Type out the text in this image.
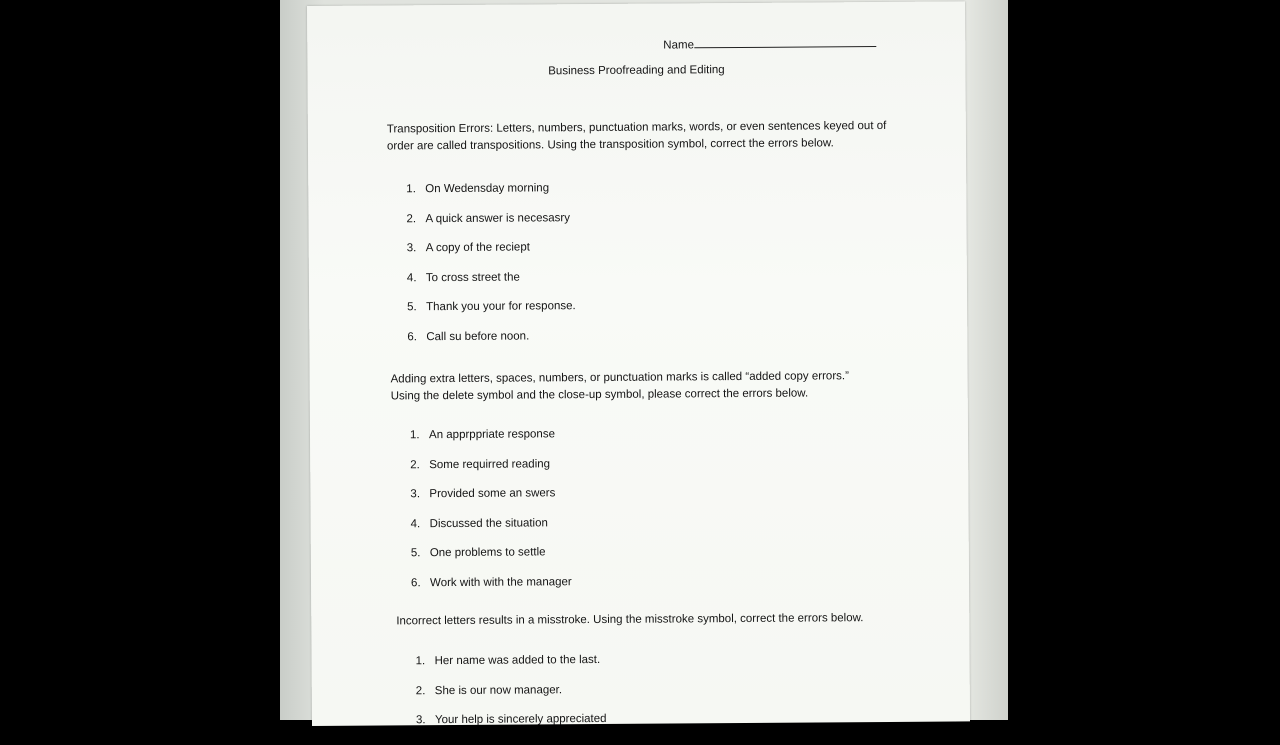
Name
Business Proofreading and Editing
Transposition Errors: Letters, numbers, punctuation marks, words, or even sentences keyed out of order are called transpositions. Using the transposition symbol, correct the errors below.
1. On Wedensday morning
2. A quick answer is necesasry
3. A copy of the reciept
4. To cross street the
5. Thank you your for response.
6. Call su before noon.
Adding extra letters, spaces, numbers, or punctuation marks is called “added copy errors.” Using the delete symbol and the close-up symbol, please correct the errors below.
1. An apprppriate response
2. Some requirred reading
3. Provided some an swers
4. Discussed the situation
5. One problems to settle
6. Work with with the manager
Incorrect letters results in a misstroke. Using the misstroke symbol, correct the errors below.
1. Her name was added to the last.
2. She is our now manager.
3. Your help is sincerely appreciated
